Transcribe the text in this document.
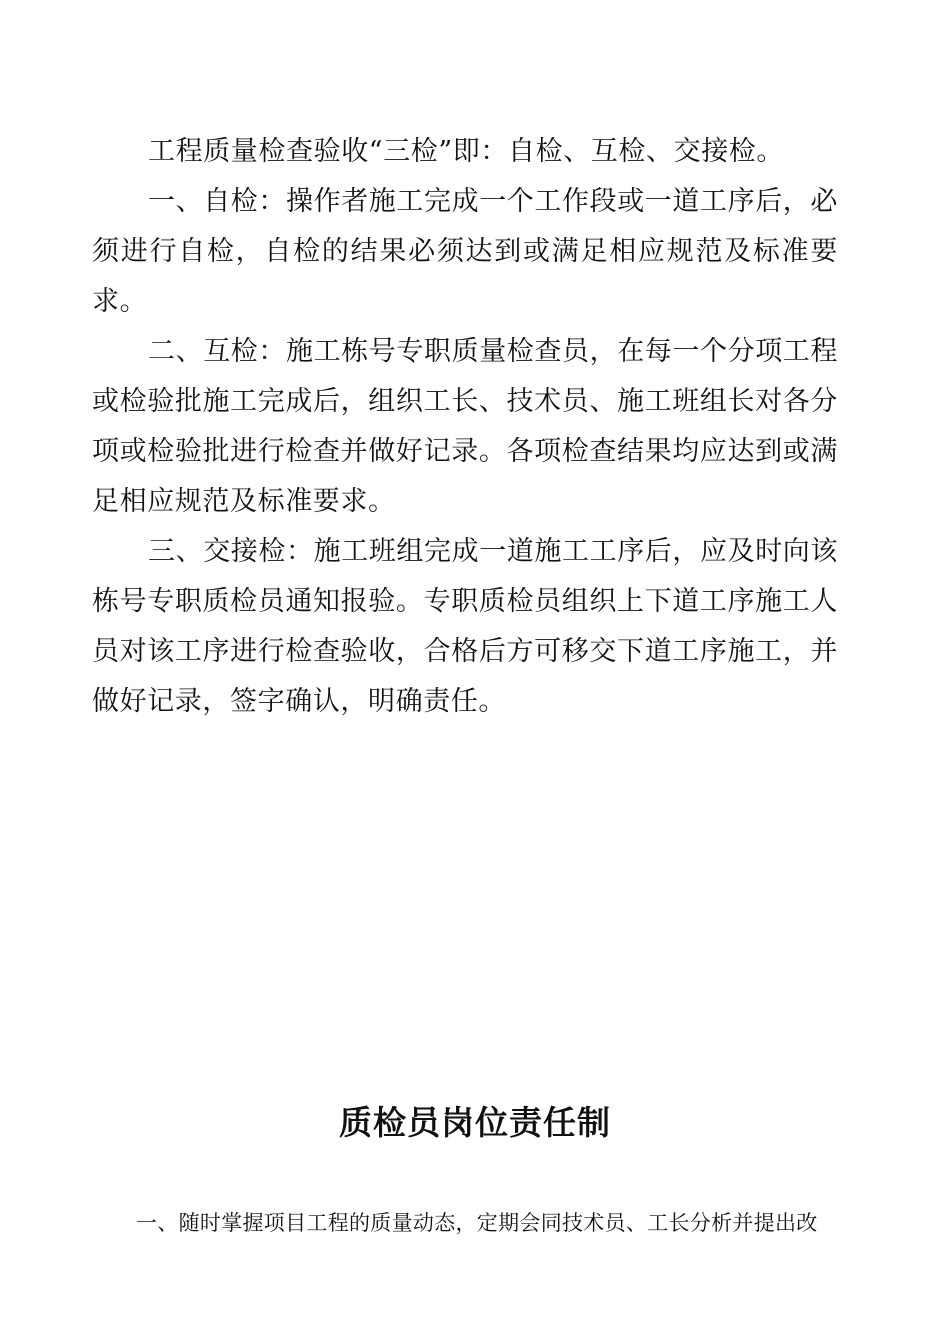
工程质量检查验收“三检”即：自检、互检、交接检。

一、自检：操作者施工完成一个工作段或一道工序后，必须进行自检，自检的结果必须达到或满足相应规范及标准要求。

二、互检：施工栋号专职质量检查员，在每一个分项工程或检验批施工完成后，组织工长、技术员、施工班组长对各分项或检验批进行检查并做好记录。各项检查结果均应达到或满足相应规范及标准要求。

三、交接检：施工班组完成一道施工工序后，应及时向该栋号专职质检员通知报验。专职质检员组织上下道工序施工人员对该工序进行检查验收，合格后方可移交下道工序施工，并做好记录，签字确认，明确责任。

质检员岗位责任制

一、随时掌握项目工程的质量动态，定期会同技术员、工长分析并提出改
